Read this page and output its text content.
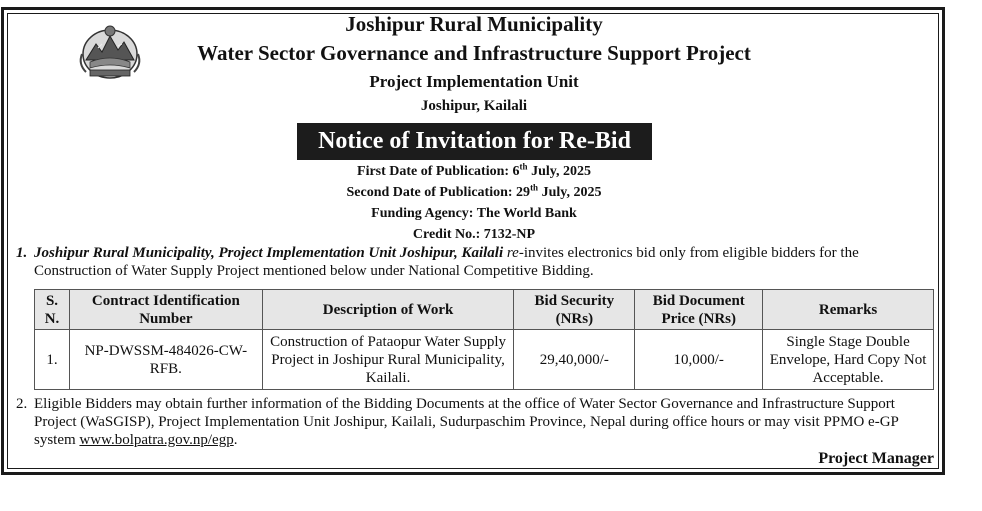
Joshipur Rural Municipality
Water Sector Governance and Infrastructure Support Project
Project Implementation Unit
Joshipur, Kailali
Notice of Invitation for Re-Bid
First Date of Publication: 6th July, 2025
Second Date of Publication: 29th July, 2025
Funding Agency: The World Bank
Credit No.: 7132-NP
1. Joshipur Rural Municipality, Project Implementation Unit Joshipur, Kailali re-invites electronics bid only from eligible bidders for the Construction of Water Supply Project mentioned below under National Competitive Bidding.
S. N.	Contract Identification Number	Description of Work	Bid Security (NRs)	Bid Document Price (NRs)	Remarks
1.	NP-DWSSM-484026-CW- RFB.	Construction of Pataopur Water Supply Project in Joshipur Rural Municipality, Kailali.	29,40,000/-	10,000/-	Single Stage Double Envelope, Hard Copy Not Acceptable.
2. Eligible Bidders may obtain further information of the Bidding Documents at the office of Water Sector Governance and Infrastructure Support Project (WaSGISP), Project Implementation Unit Joshipur, Kailali, Sudurpaschim Province, Nepal during office hours or may visit PPMO e-GP system www.bolpatra.gov.np/egp.
Project Manager
